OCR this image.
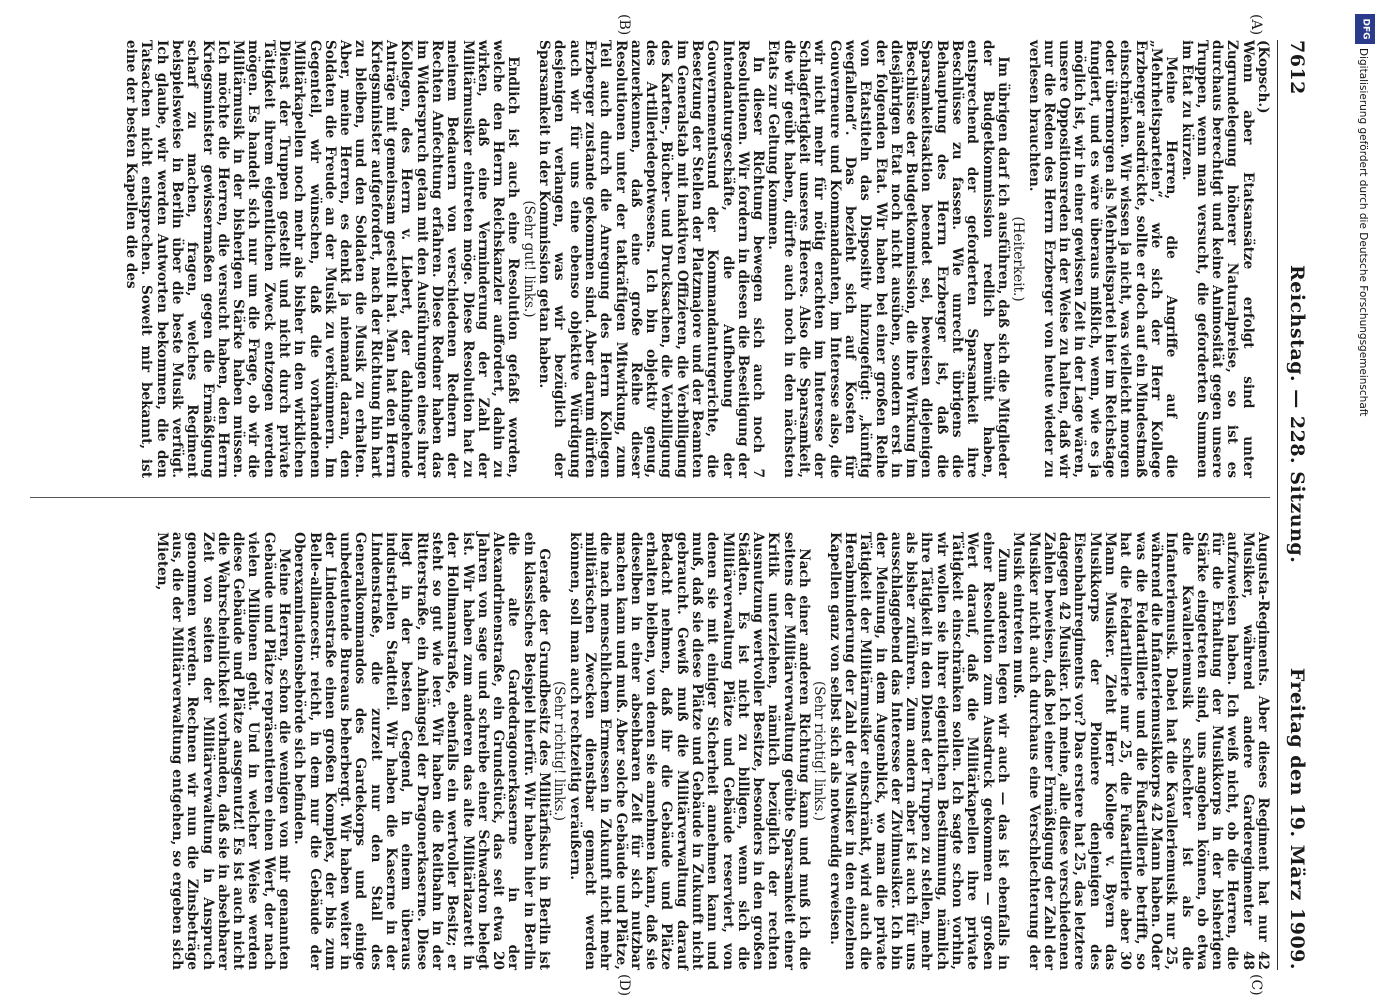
7612
Reichstag. — 228. Sitzung.
Freitag den 19. März 1909.
(A)
(B)
(C)
(D)

(Kopsch.)

Wenn aber Etatsansätze erfolgt sind unter Zugrundelegung höherer Naturalpreise, so ist es durchaus berechtigt und keine Animosität gegen unsere Truppen, wenn man versucht, die geforderten Summen im Etat zu kürzen.

Meine Herren, die Angriffe auf die „Mehrheitsparteien“, wie sich der Herr Kollege Erzberger ausdrückte, sollte er doch auf ein Mindestmaß einschränken. Wir wissen ja nicht, was vielleicht morgen oder übermorgen als Mehrheitspartei hier im Reichstage fungiert, und es wäre überaus mißlich, wenn, wie es ja möglich ist, wir in einer gewissen Zeit in der Lage wären, unsere Oppositionsreden in der Weise zu halten, daß wir nur die Reden des Herrn Erzberger von heute wieder zu verlesen brauchten.

(Heiterkeit.)

Im übrigen darf ich ausführen, daß sich die Mitglieder der Budgetkommission redlich bemüht haben, entsprechend der geforderten Sparsamkeit ihre Beschlüsse zu fassen. Wie unrecht übrigens die Behauptung des Herrn Erzberger ist, daß die Sparsamkeitsaktion beendet sei, beweisen diejenigen Beschlüsse der Budgetkommission, die ihre Wirkung im diesjährigen Etat noch nicht ausüben, sondern erst in der folgenden Etat. Wir haben bei einer großen Reihe von Etatstiteln das Dispositiv hinzugefügt: „künftig wegfallend“. Das bezieht sich auf Kosten für Gouverneure und Kommandanten, im Interesse also, die wir nicht mehr für nötig erachten im Interesse der Schlagfertigkeit unseres Heeres. Also die Sparsamkeit, die wir geübt haben, dürfte auch noch in den nächsten Etats zur Geltung kommen.

In dieser Richtung bewegen sich auch noch 7 Resolutionen. Wir fordern in diesen die Beseitigung der Intendanturgeschäfte, die Aufhebung der Gouvernementsund der Kommandanturgerichte, die Besetzung der Stellen der Platzmajore und der Beamten im Generalstab mit inaktiven Offizieren, die Verbilligung des Karten-, Bücher- und Drucksachen, die Verbilligung des Artilleriedepotwesens. Ich bin objektiv genug, anzuerkennen, daß eine große Reihe dieser Resolutionen unter der tatkräftigen Mitwirkung, zum Teil auch durch die Anregung des Herrn Kollegen Erzberger zustande gekommen sind. Aber darum dürfen auch wir für uns eine ebenso objektive Würdigung desjenigen verlangen, was wir bezüglich der Sparsamkeit in der Kommission getan haben.

(Sehr gut! links.)

Endlich ist auch eine Resolution gefaßt worden, welche den Herrn Reichskanzler auffordert, dahin zu wirken, daß eine Verminderung der Zahl der Militärmusiker eintreten möge. Diese Resolution hat zu meinem Bedauern von verschiedenen Rednern der Rechten Anfechtung erfahren. Diese Redner haben das im Widerspruch getan mit den Ausführungen eines ihrer Kollegen, des Herrn v. Liebert, der dahingehende Anträge mit gemeinsam gestellt hat. Man hat den Herrn Kriegsminister aufgefordert, nach der Richtung hin hart zu bleiben, und den Soldaten die Musik zu erhalten. Aber, meine Herren, es denkt ja niemand daran, den Soldaten die Freude an der Musik zu verkümmern. Im Gegenteil, wir wünschen, daß die vorhandenen Militärkapellen noch mehr als bisher in den wirklichen Dienst der Truppen gestellt und nicht durch private Tätigkeit ihrem eigentlichen Zweck entzogen werden mögen. Es handelt sich nur um die Frage, ob wir die Militärmusik in der bisherigen Stärke haben müssen. Ich möchte die Herren, die versucht haben, den Herrn Kriegsminister gewissermaßen gegen die Ermäßigung scharf zu machen, fragen, welches Regiment beispielsweise in Berlin über die beste Musik verfügt. Ich glaube, wir werden Antworten bekommen, die den Tatsachen nicht entsprechen. Soweit mir bekannt, ist eine der besten Kapellen die des

Augusta-Regiments. Aber dieses Regiment hat nur 42 Musiker, während andere Garderegimenter 48 aufzuweisen haben. Ich weiß nicht, ob die Herren, die für die Erhaltung der Musikkorps in der bisherigen Stärke eingetreten sind, uns angeben können, ob etwa die Kavalleriemusik schlechter ist als die Infanteriemusik. Dabei hat die Kavalleriemusik nur 25, während die Infanteriemusikkorps 42 Mann haben. Oder was die Feldartillerie und die Fußartillerie betrifft, so hat die Feldartillerie nur 25, die Fußartillerie aber 30 Mann Musiker. Zieht Herr Kollege v. Byern das Musikkorps der Pioniere denjenigen des Eisenbahnregiments vor? Das erstere hat 25, das letztere dagegen 42 Musiker. Ich meine, alle diese verschiedenen Zahlen beweisen, daß bei einer Ermäßigung der Zahl der Musiker nicht auch durchaus eine Verschlechterung der Musik eintreten muß.

Zum anderen legen wir auch — das ist ebenfalls in einer Resolution zum Ausdruck gekommen — großen Wert darauf, daß die Militärkapellen ihre private Tätigkeit einschränken sollen. Ich sagte schon vorhin, wir wollen sie ihrer eigentlichen Bestimmung, nämlich ihre Tätigkeit in den Dienst der Truppen zu stellen, mehr als bisher zuführen. Zum andern aber ist auch für uns ausschlaggebend das Interesse der Zivilmusiker. Ich bin der Meinung, in dem Augenblick, wo man die private Tätigkeit der Militärmusiker einschränkt, wird auch die Herabminderung der Zahl der Musiker in den einzelnen Kapellen ganz von selbst sich als notwendig erweisen.

(Sehr richtig! links.)

Nach einer anderen Richtung kann und muß ich die seitens der Militärverwaltung geübte Sparsamkeit einer Kritik unterziehen, nämlich bezüglich der rechten Ausnutzung wertvoller Besitze, besonders in den großen Städten. Es ist nicht zu billigen, wenn sich die Militärverwaltung Plätze und Gebäude reserviert, von denen sie mit einiger Sicherheit annehmen kann und muß, daß sie diese Plätze und Gebäude in Zukunft nicht gebraucht. Gewiß muß die Militärverwaltung darauf Bedacht nehmen, daß ihr die Gebäude und Plätze erhalten bleiben, von denen sie annehmen kann, daß sie dieselben in einer absehbaren Zeit für sich nutzbar machen kann und muß. Aber solche Gebäude und Plätze, die nach menschlichem Ermessen in Zukunft nicht mehr militärischen Zwecken dienstbar gemacht werden können, soll man auch rechtzeitig veräußern.

(Sehr richtig! links.)

Gerade der Grundbesitz des Militärfiskus in Berlin ist ein klassisches Beispiel hierfür. Wir haben hier in Berlin die alte Gardedragonerkaserne in der Alexandrinenstraße, ein Grundstück, das seit etwa 20 Jahren von sage und schreibe einer Schwadron belegt ist. Wir haben zum anderen das alte Militärlazarett in der Hollmannstraße, ebenfalls ein wertvoller Besitz; er steht so gut wie leer. Wir haben die Reitbahn in der Ritterstraße, ein Anhängsel der Dragonerkaserne. Diese liegt in der besten Gegend, in einem überaus industriellen Stadtteil. Wir haben die Kaserne in der Lindenstraße, die zurzeit nur den Stall des Generalkommandos des Gardekorps und einige unbedeutende Bureaus beherbergt. Wir haben weiter in der Lindenstraße einen großen Komplex, der bis zum Belle-alliancestr. reicht, in dem nur die Gebäude der Oberexaminationsbehörde sich befinden.

Meine Herren, schon die wenigen von mir genannten Gebäude und Plätze repräsentieren einen Wert, der nach vielen Millionen geht. Und in welcher Weise werden diese Gebäude und Plätze ausgenutzt! Es ist auch nicht die Wahrscheinlichkeit vorhanden, daß sie in absehbarer Zeit von seiten der Militärverwaltung in Anspruch genommen werden. Rechnen wir nun die Zinsbeträge aus, die der Militärverwaltung entgehen, so ergeben sich Mieten,

DFG
Digitalisierung gefördert durch die Deutsche Forschungsgemeinschaft
